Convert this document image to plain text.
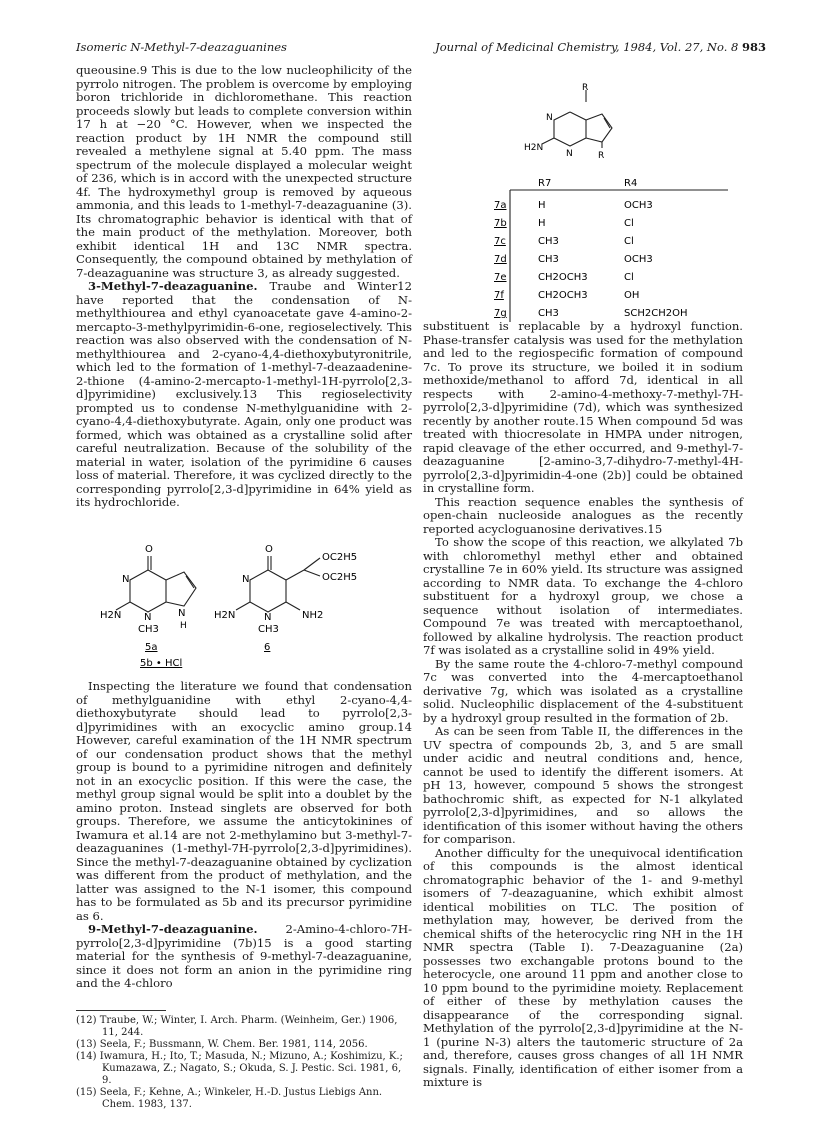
Isomeric N-Methyl-7-deazaguanines	Journal of Medicinal Chemistry, 1984, Vol. 27, No. 8 983

queousine.9 This is due to the low nucleophilicity of the pyrrolo nitrogen. The problem is overcome by employing boron trichloride in dichloromethane. This reaction proceeds slowly but leads to complete conversion within 17 h at −20 °C. However, when we inspected the reaction product by 1H NMR the compound still revealed a methylene signal at 5.40 ppm. The mass spectrum of the molecule displayed a molecular weight of 236, which is in accord with the unexpected structure 4f. The hydroxymethyl group is removed by aqueous ammonia, and this leads to 1-methyl-7-deazaguanine (3). Its chromatographic behavior is identical with that of the main product of the methylation. Moreover, both exhibit identical 1H and 13C NMR spectra. Consequently, the compound obtained by methylation of 7-deazaguanine was structure 3, as already suggested.

3-Methyl-7-deazaguanine. Traube and Winter12 have reported that the condensation of N-methylthiourea and ethyl cyanoacetate gave 4-amino-2-mercapto-3-methylpyrimidin-6-one, regioselectively. This reaction was also observed with the condensation of N-methylthiourea and 2-cyano-4,4-diethoxybutyronitrile, which led to the formation of 1-methyl-7-deazaadenine-2-thione (4-amino-2-mercapto-1-methyl-1H-pyrrolo[2,3-d]pyrimidine) exclusively.13 This regioselectivity prompted us to condense N-methylguanidine with 2-cyano-4,4-diethoxybutyrate. Again, only one product was formed, which was obtained as a crystalline solid after careful neutralization. Because of the solubility of the material in water, isolation of the pyrimidine 6 causes loss of material. Therefore, it was cyclized directly to the corresponding pyrrolo[2,3-d]pyrimidine in 64% yield as its hydrochloride.

O
N
H2N N
CH3
N
H
O
N
H2N	N
CH3
NH2
OC2H5
OC2H5
5a
5b • HCl
6

Inspecting the literature we found that condensation of methylguanidine with ethyl 2-cyano-4,4-diethoxybutyrate should lead to pyrrolo[2,3-d]pyrimidines with an exocyclic amino group.14 However, careful examination of the 1H NMR spectrum of our condensation product shows that the methyl group is bound to a pyrimidine nitrogen and definitely not in an exocyclic position. If this were the case, the methyl group signal would be split into a doublet by the amino proton. Instead singlets are observed for both groups. Therefore, we assume the anticytokinines of Iwamura et al.14 are not 2-methylamino but 3-methyl-7-deazaguanines (1-methyl-7H-pyrrolo[2,3-d]pyrimidines). Since the methyl-7-deazaguanine obtained by cyclization was different from the product of methylation, and the latter was assigned to the N-1 isomer, this compound has to be formulated as 5b and its precursor pyrimidine as 6.

9-Methyl-7-deazaguanine. 2-Amino-4-chloro-7H-pyrrolo[2,3-d]pyrimidine (7b)15 is a good starting material for the synthesis of 9-methyl-7-deazaguanine, since it does not form an anion in the pyrimidine ring and the 4-chloro

(12) Traube, W.; Winter, I. Arch. Pharm. (Weinheim, Ger.) 1906, 11, 244.

(13) Seela, F.; Bussmann, W. Chem. Ber. 1981, 114, 2056.

(14) Iwamura, H.; Ito, T.; Masuda, N.; Mizuno, A.; Koshimizu, K.; Kumazawa, Z.; Nagato, S.; Okuda, S. J. Pestic. Sci. 1981, 6, 9.

(15) Seela, F.; Kehne, A.; Winkeler, H.-D. Justus Liebigs Ann. Chem. 1983, 137.

R
R
H2N
N
N
R7	R4
7a	H	OCH3
7b	H	Cl
7c	CH3	Cl
7d	CH3	OCH3
7e	CH2OCH3	Cl
7f	CH2OCH3	OH
7g	CH3	SCH2CH2OH

substituent is replacable by a hydroxyl function. Phase-transfer catalysis was used for the methylation and led to the regiospecific formation of compound 7c. To prove its structure, we boiled it in sodium methoxide/methanol to afford 7d, identical in all respects with 2-amino-4-methoxy-7-methyl-7H-pyrrolo[2,3-d]pyrimidine (7d), which was synthesized recently by another route.15 When compound 5d was treated with thiocresolate in HMPA under nitrogen, rapid cleavage of the ether occurred, and 9-methyl-7-deazaguanine [2-amino-3,7-dihydro-7-methyl-4H-pyrrolo[2,3-d]pyrimidin-4-one (2b)] could be obtained in crystalline form.

This reaction sequence enables the synthesis of open-chain nucleoside analogues as the recently reported acycloguanosine derivatives.15

To show the scope of this reaction, we alkylated 7b with chloromethyl methyl ether and obtained crystalline 7e in 60% yield. Its structure was assigned according to NMR data. To exchange the 4-chloro substituent for a hydroxyl group, we chose a sequence without isolation of intermediates. Compound 7e was treated with mercaptoethanol, followed by alkaline hydrolysis. The reaction product 7f was isolated as a crystalline solid in 49% yield.

By the same route the 4-chloro-7-methyl compound 7c was converted into the 4-mercaptoethanol derivative 7g, which was isolated as a crystalline solid. Nucleophilic displacement of the 4-substituent by a hydroxyl group resulted in the formation of 2b.

As can be seen from Table II, the differences in the UV spectra of compounds 2b, 3, and 5 are small under acidic and neutral conditions and, hence, cannot be used to identify the different isomers. At pH 13, however, compound 5 shows the strongest bathochromic shift, as expected for N-1 alkylated pyrrolo[2,3-d]pyrimidines, and so allows the identification of this isomer without having the others for comparison.

Another difficulty for the unequivocal identification of this compounds is the almost identical chromatographic behavior of the 1- and 9-methyl isomers of 7-deazaguanine, which exhibit almost identical mobilities on TLC. The position of methylation may, however, be derived from the chemical shifts of the heterocyclic ring NH in the 1H NMR spectra (Table I). 7-Deazaguanine (2a) possesses two exchangable protons bound to the heterocycle, one around 11 ppm and another close to 10 ppm bound to the pyrimidine moiety. Replacement of either of these by methylation causes the disappearance of the corresponding signal. Methylation of the pyrrolo[2,3-d]pyrimidine at the N-1 (purine N-3) alters the tautomeric structure of 2a and, therefore, causes gross changes of all 1H NMR signals. Finally, identification of either isomer from a mixture is
